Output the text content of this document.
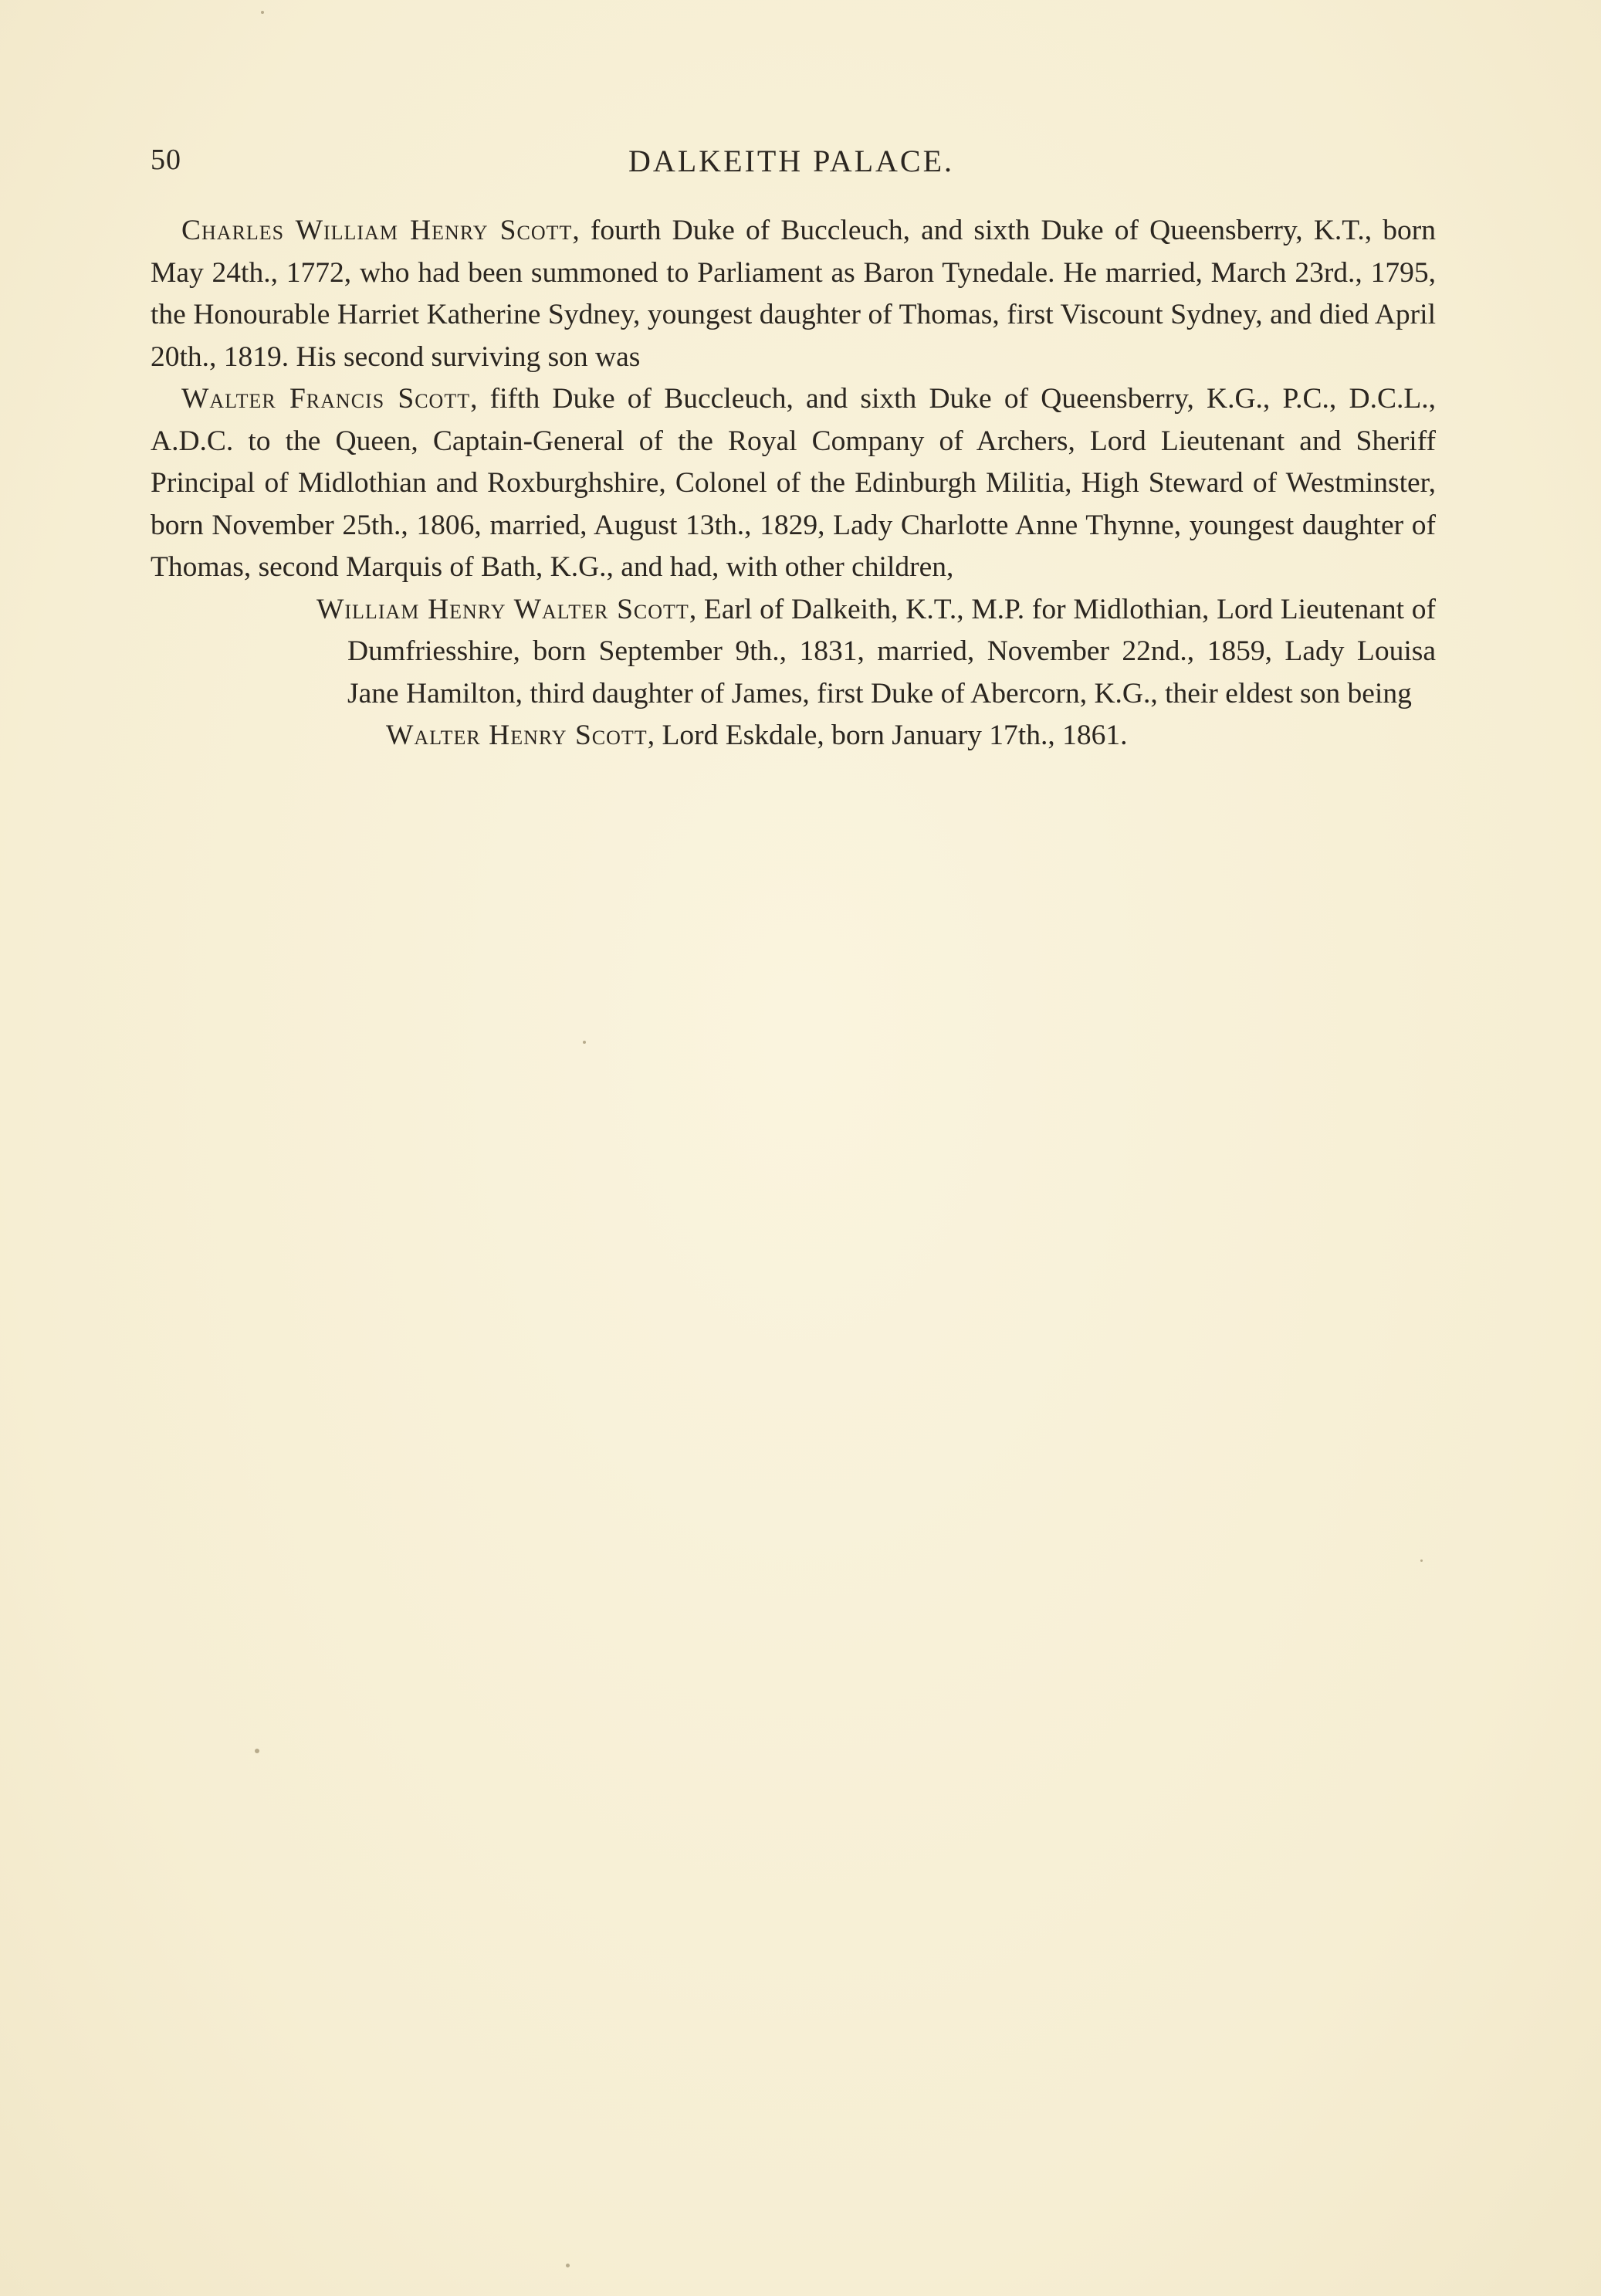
50	DALKEITH PALACE.

Charles William Henry Scott, fourth Duke of Buccleuch, and sixth Duke of Queensberry, K.T., born May 24th., 1772, who had been summoned to Parliament as Baron Tynedale. He married, March 23rd., 1795, the Honourable Harriet Katherine Sydney, youngest daughter of Thomas, first Viscount Sydney, and died April 20th., 1819. His second surviving son was

Walter Francis Scott, fifth Duke of Buccleuch, and sixth Duke of Queensberry, K.G., P.C., D.C.L., A.D.C. to the Queen, Captain-General of the Royal Company of Archers, Lord Lieutenant and Sheriff Principal of Midlothian and Roxburghshire, Colonel of the Edinburgh Militia, High Steward of Westminster, born November 25th., 1806, married, August 13th., 1829, Lady Charlotte Anne Thynne, youngest daughter of Thomas, second Marquis of Bath, K.G., and had, with other children,

William Henry Walter Scott, Earl of Dalkeith, K.T., M.P. for Midlothian, Lord Lieutenant of Dumfriesshire, born September 9th., 1831, married, November 22nd., 1859, Lady Louisa Jane Hamilton, third daughter of James, first Duke of Abercorn, K.G., their eldest son being

Walter Henry Scott, Lord Eskdale, born January 17th., 1861.
